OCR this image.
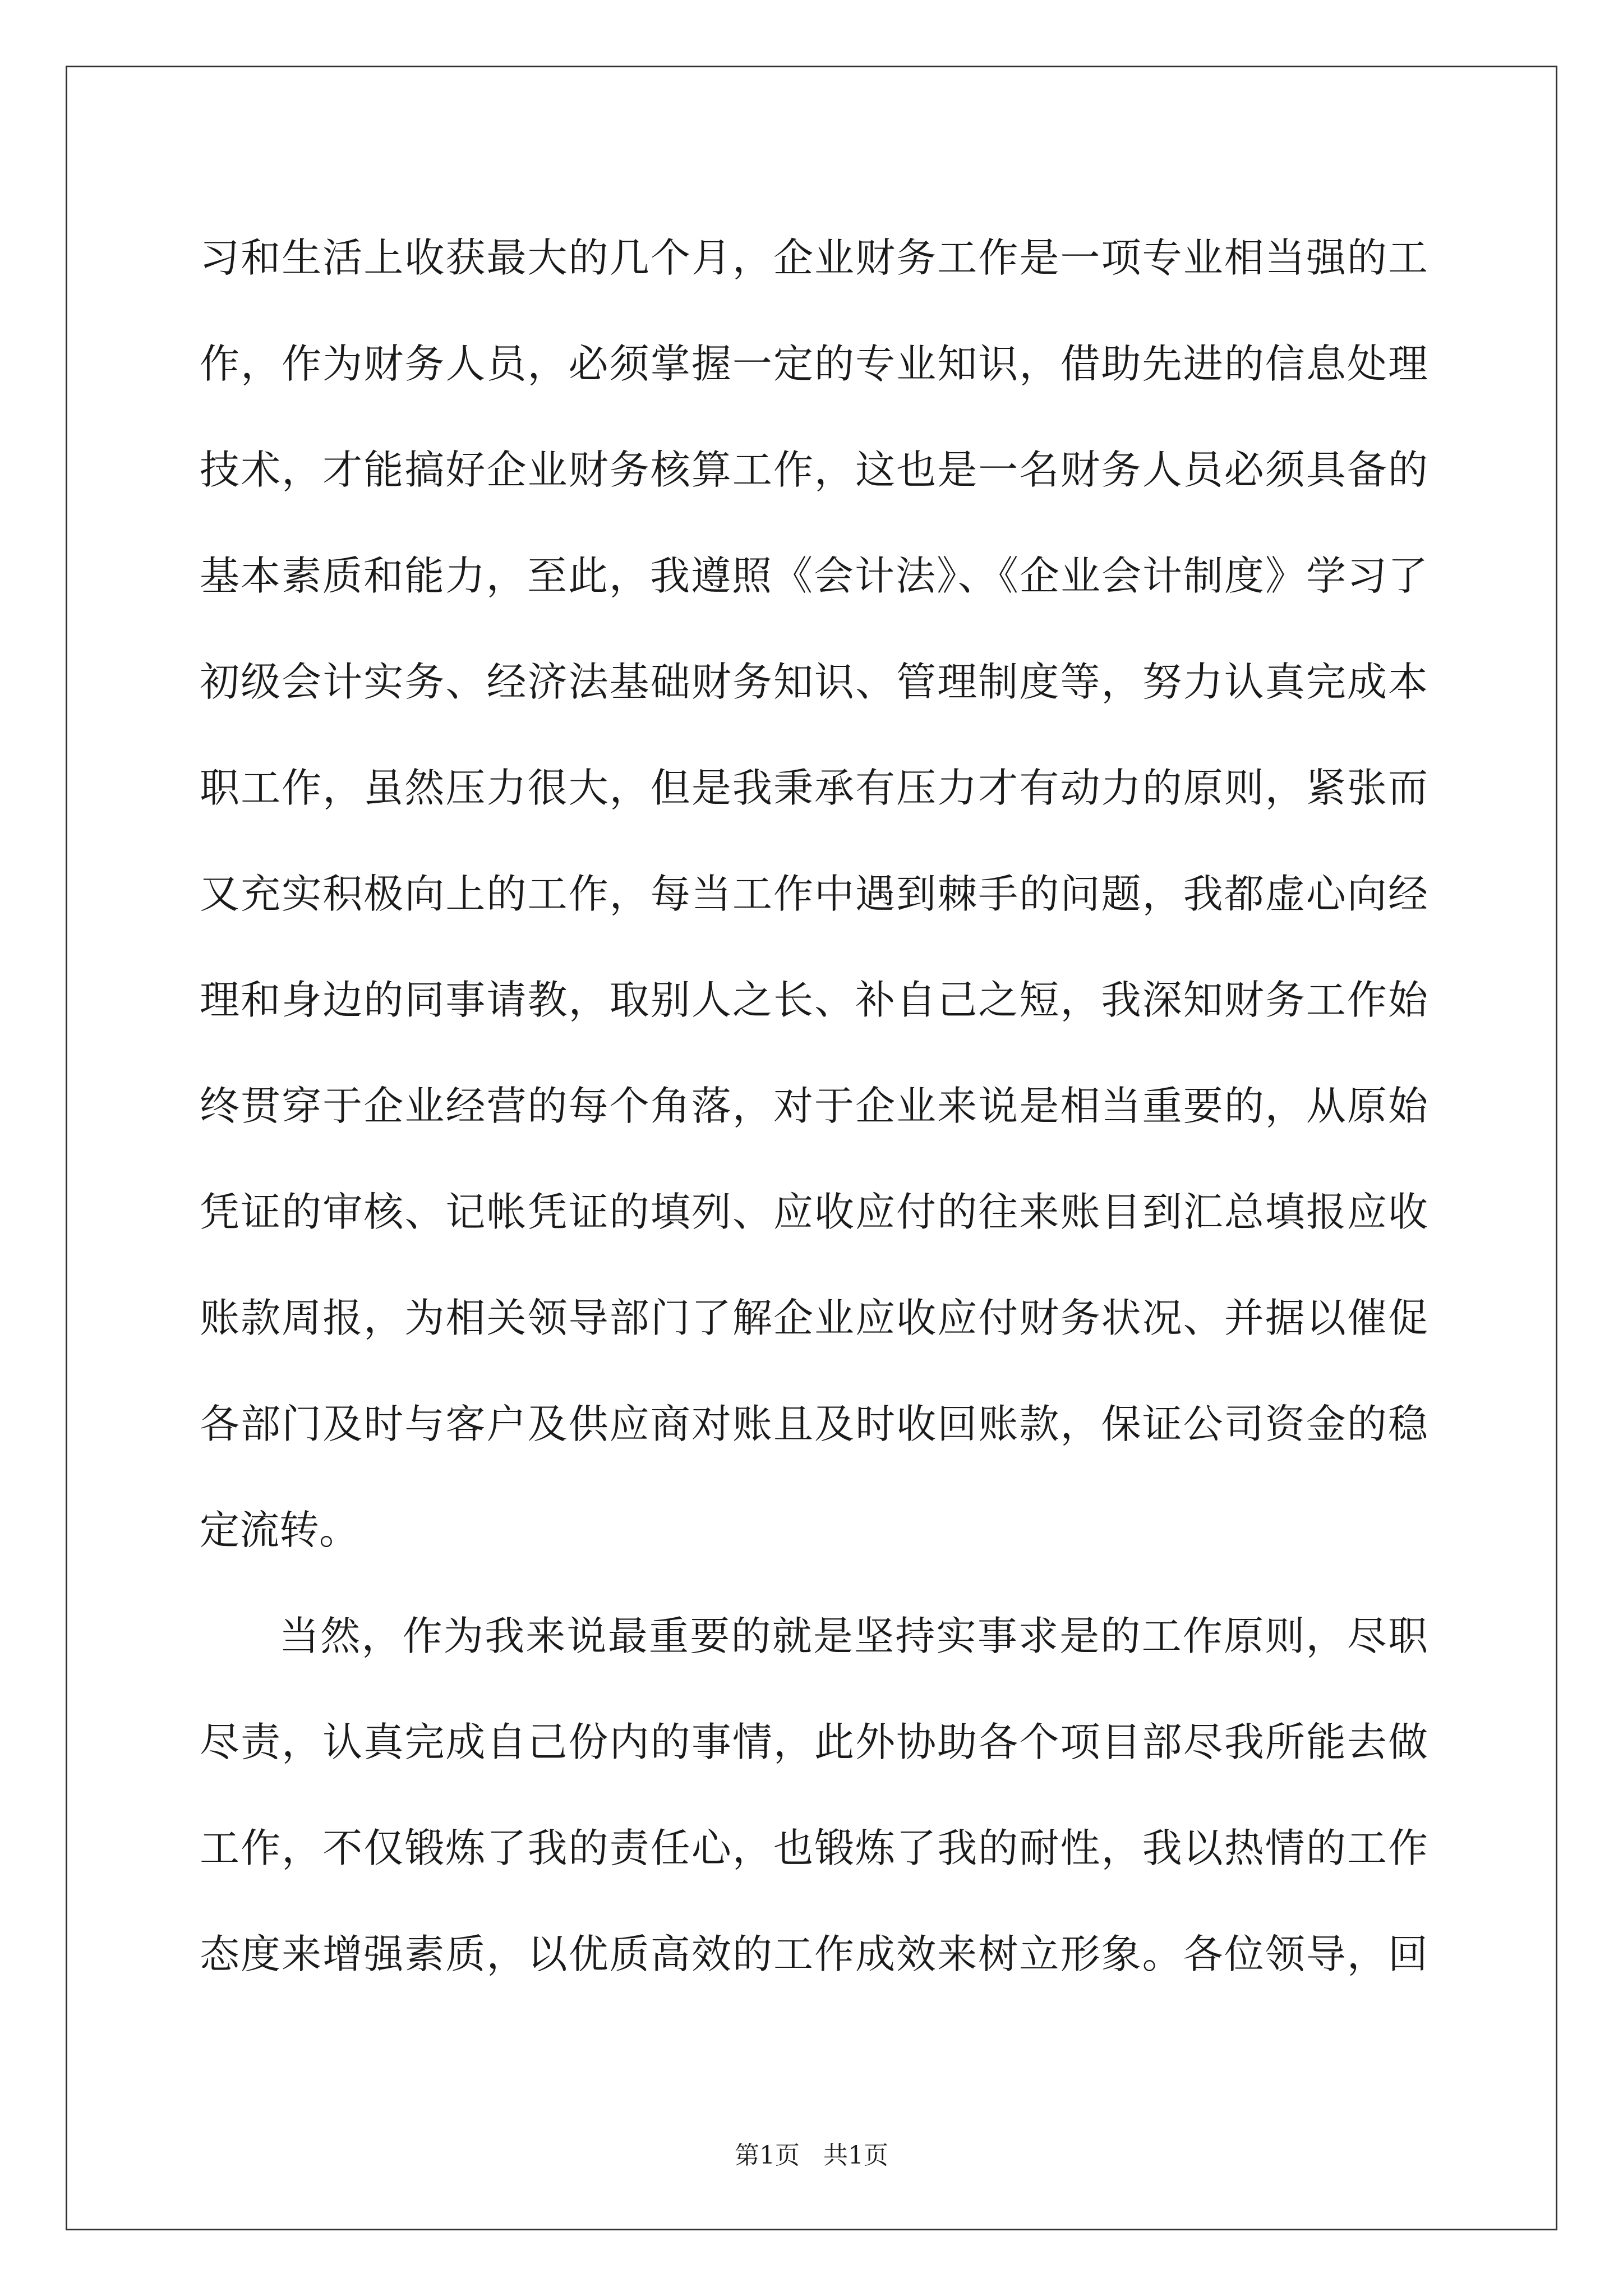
习和生活上收获最大的几个月，企业财务工作是一项专业相当强的工
作，作为财务人员，必须掌握一定的专业知识，借助先进的信息处理
技术，才能搞好企业财务核算工作，这也是一名财务人员必须具备的
基本素质和能力，至此，我遵照《会计法》、《企业会计制度》学习了
初级会计实务、经济法基础财务知识、管理制度等，努力认真完成本
职工作，虽然压力很大，但是我秉承有压力才有动力的原则，紧张而
又充实积极向上的工作，每当工作中遇到棘手的问题，我都虚心向经
理和身边的同事请教，取别人之长、补自己之短，我深知财务工作始
终贯穿于企业经营的每个角落，对于企业来说是相当重要的，从原始
凭证的审核、记帐凭证的填列、应收应付的往来账目到汇总填报应收
账款周报，为相关领导部门了解企业应收应付财务状况、并据以催促
各部门及时与客户及供应商对账且及时收回账款，保证公司资金的稳
定流转。
当然，作为我来说最重要的就是坚持实事求是的工作原则，尽职
尽责，认真完成自己份内的事情，此外协助各个项目部尽我所能去做
工作，不仅锻炼了我的责任心，也锻炼了我的耐性，我以热情的工作
态度来增强素质，以优质高效的工作成效来树立形象。各位领导，回
第1页   共1页
